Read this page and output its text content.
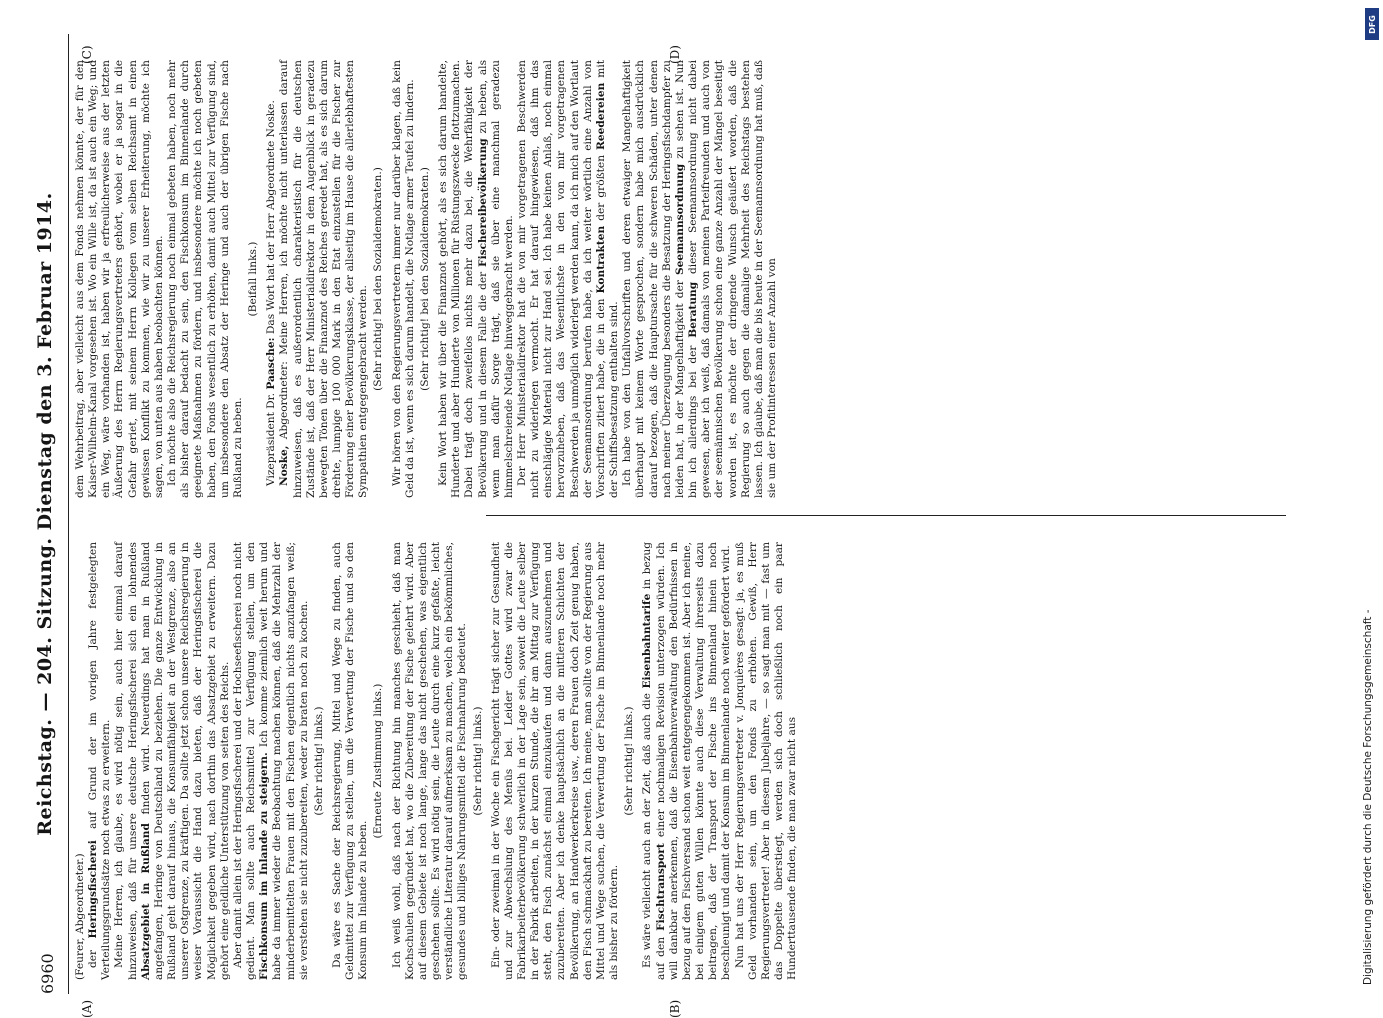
6960
Reichstag. — 204. Sitzung. Dienstag den 3. Februar 1914.
(A)	(B)
(C)	(D)

(Feurer, Abgeordneter.) der Heringsfischerei auf Grund der im vorigen Jahre festgelegten Verteilungsgrundsätze noch etwas zu erweitern. Meine Herren, ich glaube, es wird nötig sein, auch hier einmal darauf hinzuweisen, daß für unsere deutsche Heringsfischerei sich ein lohnendes Absatzgebiet in Rußland finden wird. Neuerdings hat man in Rußland angefangen, Heringe von Deutschland zu beziehen. Die ganze Entwicklung in Rußland geht darauf hinaus, die Konsumfähigkeit an der Westgrenze, also an unserer Ostgrenze, zu kräftigen. Da sollte jetzt schon unsere Reichsregierung in weiser Voraussicht die Hand dazu bieten, daß der Heringsfischerei die Möglichkeit gegeben wird, nach dorthin das Absatzgebiet zu erweitern. Dazu gehört eine geldliche Unterstützung von seiten des Reichs. Aber damit allein ist der Heringsfischerei und der Hochseefischerei noch nicht gedient. Man sollte auch Reichsmittel zur Verfügung stellen, um den Fischkonsum im Inlande zu steigern. Ich komme ziemlich weit herum und habe da immer wieder die Beobachtung machen können, daß die Mehrzahl der minderbemittelten Frauen mit den Fischen eigentlich nichts anzufangen weiß; sie verstehen sie nicht zuzubereiten, weder zu braten noch zu kochen. (Sehr richtig! links.) Da wäre es Sache der Reichsregierung, Mittel und Wege zu finden, auch Geldmittel zur Verfügung zu stellen, um die Verwertung der Fische und so den Konsum im Inlande zu heben.

(Erneute Zustimmung links.) Ich weiß wohl, daß nach der Richtung hin manches geschieht, daß man Kochschulen gegründet hat, wo die Zubereitung der Fische gelehrt wird. Aber auf diesem Gebiete ist noch lange, lange das nicht geschehen, was eigentlich geschehen sollte. Es wird nötig sein, die Leute durch eine kurz gefaßte, leicht verständliche Literatur darauf aufmerksam zu machen, welch ein bekömmliches, gesundes und billiges Nahrungsmittel die Fischnahrung bedeutet. (Sehr richtig! links.) Ein- oder zweimal in der Woche ein Fischgericht trägt sicher zur Gesundheit und zur Abwechslung des Menüs bei. Leider Gottes wird zwar die Fabrikarbeiterbevölkerung schwerlich in der Lage sein, soweit die Leute selber in der Fabrik arbeiten, in der kurzen Stunde, die ihr am Mittag zur Verfügung steht, den Fisch zunächst einmal einzukaufen und dann auszunehmen und zuzubereiten. Aber ich denke hauptsächlich an die mittleren Schichten der Bevölkerung, an Handwerkerkreise usw., deren Frauen doch Zeit genug haben, den Fisch schmackhaft zu bereiten. Ich meine, man sollte von der Regierung aus Mittel und Wege suchen, die Verwertung der Fische im Binnenlande noch mehr als bisher zu fördern.

(Sehr richtig! links.) Es wäre vielleicht auch an der Zeit, daß auch die Eisenbahntarife in bezug auf den Fischtransport einer nochmaligen Revision unterzogen würden. Ich will dankbar anerkennen, daß die Eisenbahnverwaltung den Bedürfnissen in bezug auf den Fischversand schon weit entgegengekommen ist. Aber ich meine, bei einigem guten Willen könnte auch diese Verwaltung ihrerseits dazu beitragen, daß der Transport der Fische ins Binnenland hinein noch beschleunigt und damit der Konsum im Binnenlande noch weiter gefördert wird. Nun hat uns der Herr Regierungsvertreter v. Jonquières gesagt: ja, es muß Geld vorhanden sein, um den Fonds zu erhöhen. Gewiß, Herr Regierungsvertreter! Aber in diesem Jubeljahre, — so sagt man mit — fast um das Doppelte überstiegt, werden sich doch schließlich noch ein paar Hunderttausende finden, die man zwar nicht aus

dem Wehrbeitrag, aber vielleicht aus dem Fonds nehmen könnte, der für den Kaiser-Wilhelm-Kanal vorgesehen ist. Wo ein Wille ist, da ist auch ein Weg; und ein Weg, wäre vorhanden ist, haben wir ja erfreulicherweise aus der letzten Äußerung des Herrn Regierungsvertreters gehört, wobei er ja sogar in die Gefahr geriet, mit seinem Herrn Kollegen vom selben Reichsamt in einen gewissen Konflikt zu kommen, wie wir zu unserer Erheiterung, möchte ich sagen, von unten aus haben beobachten können. Ich möchte also die Reichsregierung noch einmal gebeten haben, noch mehr als bisher darauf bedacht zu sein, den Fischkonsum im Binnenlande durch geeignete Maßnahmen zu fördern, und insbesondere möchte ich noch gebeten haben, den Fonds wesentlich zu erhöhen, damit auch Mittel zur Verfügung sind, um insbesondere den Absatz der Heringe und auch der übrigen Fische nach Rußland zu heben.

(Beifall links.)

Vizepräsident Dr. Paasche: Das Wort hat der Herr Abgeordnete Noske.

Noske, Abgeordneter: Meine Herren, ich möchte nicht unterlassen darauf hinzuweisen, daß es außerordentlich charakteristisch für die deutschen Zustände ist, daß der Herr Ministerialdirektor in dem Augenblick in geradezu bewegten Tönen über die Finanznot des Reiches geredet hat, als es sich darum drehte, lumpige 100 000 Mark in den Etat einzustellen für die Fischer zur Förderung einer Bevölkerungsklasse, der allseitig im Hause die allerlebhaftesten Sympathien entgegengebracht werden.

(Sehr richtig! bei den Sozialdemokraten.) Wir hören von den Regierungsvertretern immer nur darüber klagen, daß kein Geld da ist, wenn es sich darum handelt, die Notlage armer Teufel zu lindern. (Sehr richtig! bei den Sozialdemokraten.) Kein Wort haben wir über die Finanznot gehört, als es sich darum handelte, Hunderte und aber Hunderte von Millionen für Rüstungszwecke flottzumachen. Dabei trägt doch zweifellos nichts mehr dazu bei, die Wehrfähigkeit der Bevölkerung und in diesem Falle die der Fischereibevölkerung zu heben, als wenn man dafür Sorge trägt, daß sie über eine manchmal geradezu himmelschreiende Notlage hinweggebracht werden. Der Herr Ministerialdirektor hat die von mir vorgetragenen Beschwerden nicht zu widerlegen vermocht. Er hat darauf hingewiesen, daß ihm das einschlägige Material nicht zur Hand sei. Ich habe keinen Anlaß, noch einmal hervorzuheben, daß das Wesentlichste in den von mir vorgetragenen Beschwerden ja unmöglich widerlegt werden kann, da ich mich auf den Wortlaut der Seemannsordnung berufen habe, da ich weiter wörtlich eine Anzahl von Vorschriften zitiert habe, die in den Kontrakten der größten Reedereien mit der Schiffsbesatzung enthalten sind. Ich habe von den Unfallvorschriften und deren etwaiger Mangelhaftigkeit überhaupt mit keinem Worte gesprochen, sondern habe mich ausdrücklich darauf bezogen, daß die Hauptursache für die schweren Schäden, unter denen nach meiner Überzeugung besonders die Besatzung der Heringsfischdampfer zu leiden hat, in der Mangelhaftigkeit der Seemannsordnung zu sehen ist. Nun bin ich allerdings bei der Beratung dieser Seemannsordnung nicht dabei gewesen, aber ich weiß, daß damals von meinen Parteifreunden und auch von der seemännischen Bevölkerung schon eine ganze Anzahl der Mängel beseitigt worden ist, es möchte der dringende Wunsch geäußert worden, daß die Regierung so auch gegen die damalige Mehrheit des Reichstags bestehen lassen. Ich glaube, daß man die bis heute in der Seemannsordnung hat muß, daß sie um der Profitinteressen einer Anzahl von

DFG
Digitalisierung gefördert durch die Deutsche Forschungsgemeinschaft -
